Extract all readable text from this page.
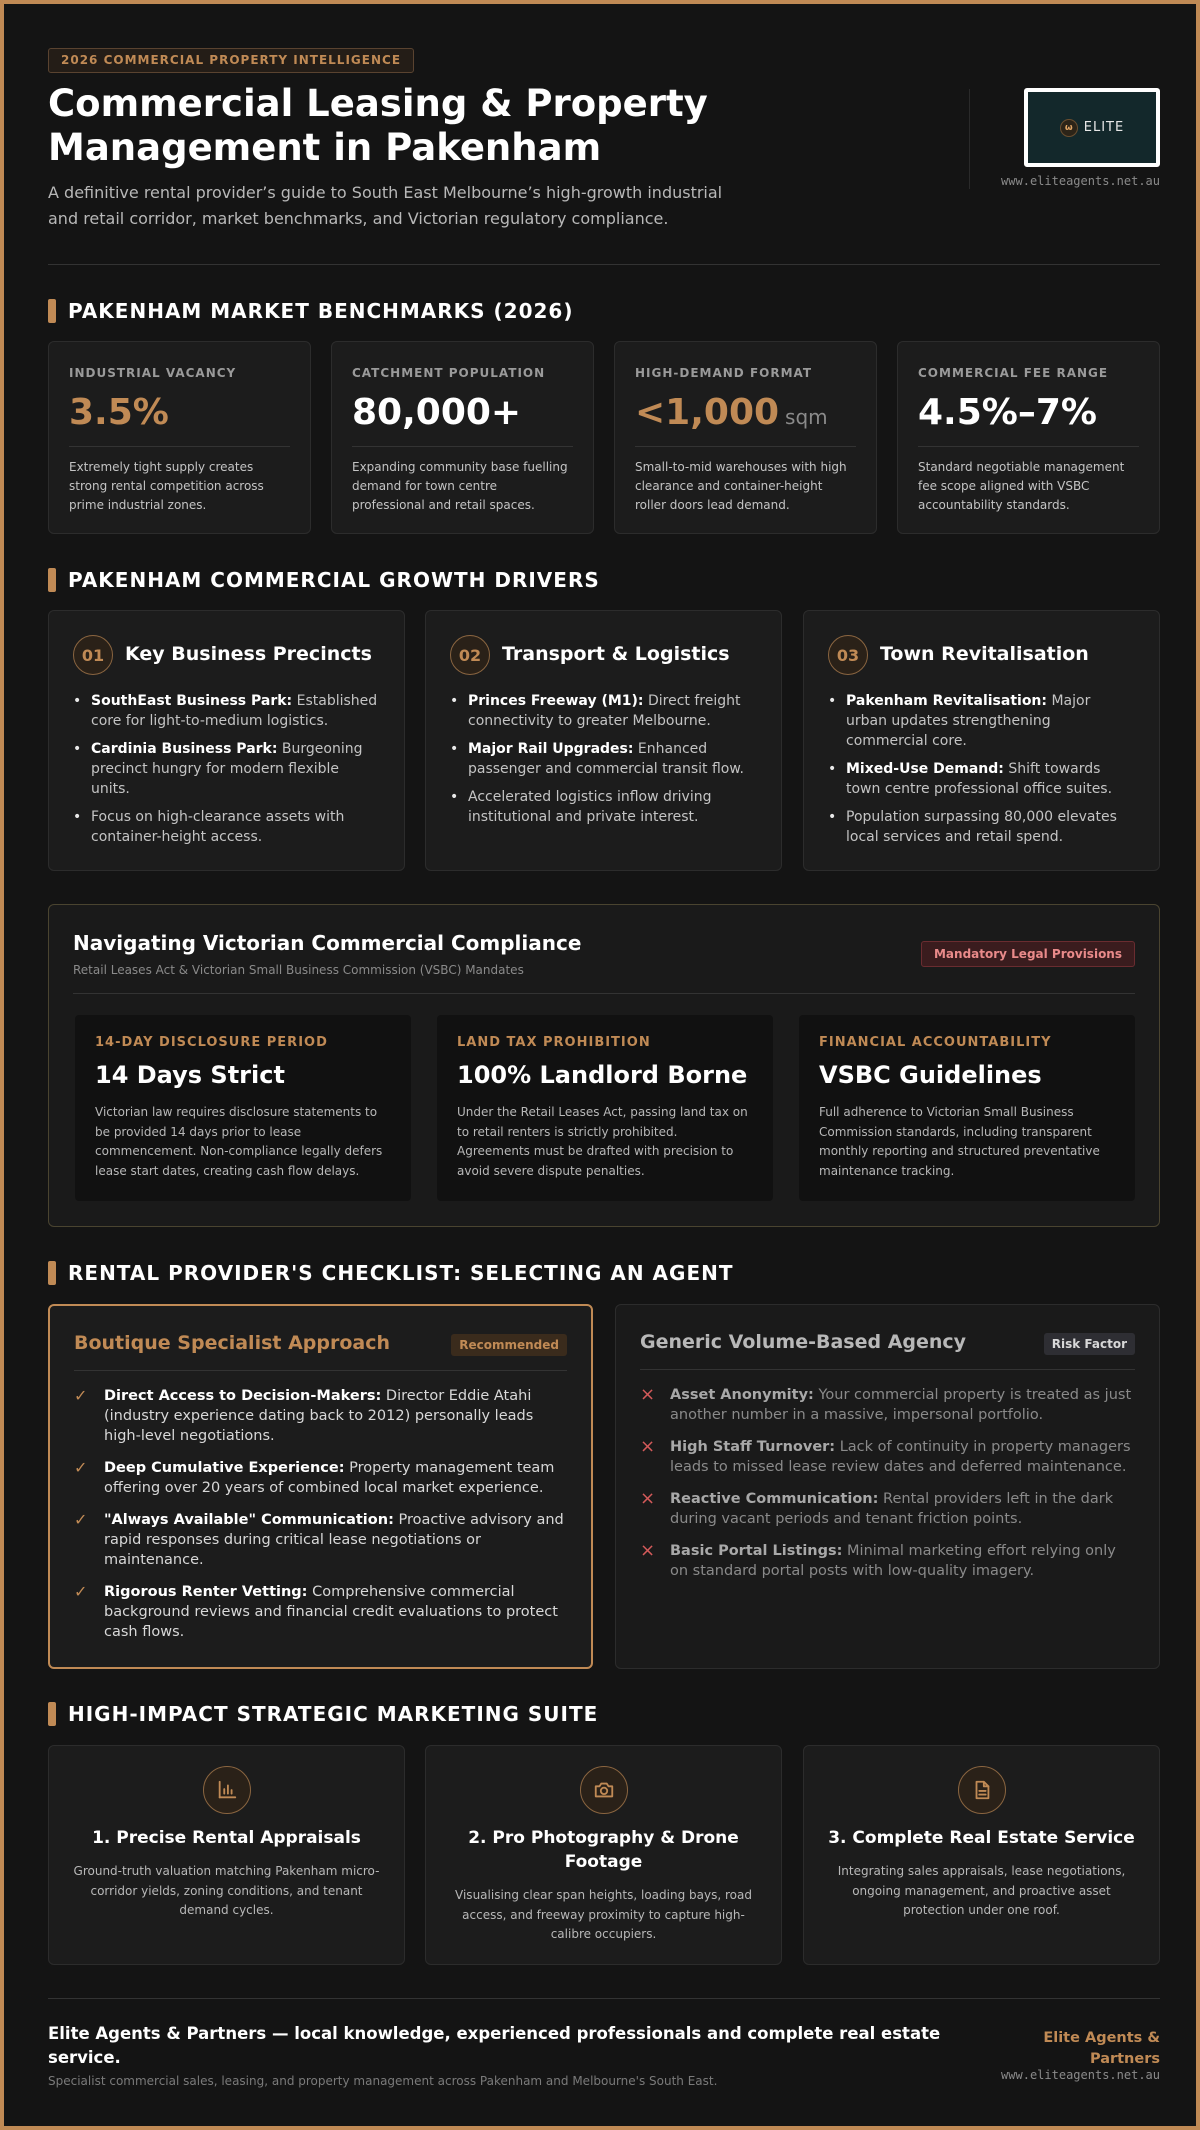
2026 COMMERCIAL PROPERTY INTELLIGENCE
Commercial Leasing & Property Management in Pakenham

A definitive rental provider’s guide to South East Melbourne’s high-growth industrial and retail corridor, market benchmarks, and Victorian regulatory compliance.

ω ELITE
www.eliteagents.net.au
PAKENHAM MARKET BENCHMARKS (2026)
INDUSTRIAL VACANCY
3.5%
Extremely tight supply creates strong rental competition across prime industrial zones.
CATCHMENT POPULATION
80,000+
Expanding community base fuelling demand for town centre professional and retail spaces.
HIGH-DEMAND FORMAT
<1,000 sqm
Small-to-mid warehouses with high clearance and container-height roller doors lead demand.
COMMERCIAL FEE RANGE
4.5%–7%
Standard negotiable management fee scope aligned with VSBC accountability standards.
PAKENHAM COMMERCIAL GROWTH DRIVERS
01	Key Business Precincts
• SouthEast Business Park: Established core for light-to-medium logistics.
• Cardinia Business Park: Burgeoning precinct hungry for modern flexible units.
• Focus on high-clearance assets with container-height access.
02	Transport & Logistics
• Princes Freeway (M1): Direct freight connectivity to greater Melbourne.
• Major Rail Upgrades: Enhanced passenger and commercial transit flow.
• Accelerated logistics inflow driving institutional and private interest.
03	Town Revitalisation
• Pakenham Revitalisation: Major urban updates strengthening commercial core.
• Mixed-Use Demand: Shift towards town centre professional office suites.
• Population surpassing 80,000 elevates local services and retail spend.
Navigating Victorian Commercial Compliance
Retail Leases Act & Victorian Small Business Commission (VSBC) Mandates
Mandatory Legal Provisions
14-DAY DISCLOSURE PERIOD
14 Days Strict
Victorian law requires disclosure statements to be provided 14 days prior to lease commencement. Non-compliance legally defers lease start dates, creating cash flow delays.
LAND TAX PROHIBITION
100% Landlord Borne
Under the Retail Leases Act, passing land tax on to retail renters is strictly prohibited. Agreements must be drafted with precision to avoid severe dispute penalties.
FINANCIAL ACCOUNTABILITY
VSBC Guidelines
Full adherence to Victorian Small Business Commission standards, including transparent monthly reporting and structured preventative maintenance tracking.
RENTAL PROVIDER'S CHECKLIST: SELECTING AN AGENT
Boutique Specialist Approach	Recommended
✓	Direct Access to Decision-Makers: Director Eddie Atahi (industry experience dating back to 2012) personally leads high-level negotiations.
✓	Deep Cumulative Experience: Property management team offering over 20 years of combined local market experience.
✓	"Always Available" Communication: Proactive advisory and rapid responses during critical lease negotiations or maintenance.
✓	Rigorous Renter Vetting: Comprehensive commercial background reviews and financial credit evaluations to protect cash flows.
Generic Volume-Based Agency	Risk Factor
× Asset Anonymity: Your commercial property is treated as just another number in a massive, impersonal portfolio.
× High Staff Turnover: Lack of continuity in property managers leads to missed lease review dates and deferred maintenance.
× Reactive Communication: Rental providers left in the dark during vacant periods and tenant friction points.
× Basic Portal Listings: Minimal marketing effort relying only on standard portal posts with low-quality imagery.
HIGH-IMPACT STRATEGIC MARKETING SUITE
1. Precise Rental Appraisals
Ground-truth valuation matching Pakenham micro-corridor yields, zoning conditions, and tenant demand cycles.
2. Pro Photography & Drone Footage
Visualising clear span heights, loading bays, road access, and freeway proximity to capture high-calibre occupiers.
3. Complete Real Estate Service
Integrating sales appraisals, lease negotiations, ongoing management, and proactive asset protection under one roof.
Elite Agents & Partners — local knowledge, experienced professionals and complete real estate service.
Specialist commercial sales, leasing, and property management across Pakenham and Melbourne's South East.
Elite Agents & Partners
www.eliteagents.net.au
